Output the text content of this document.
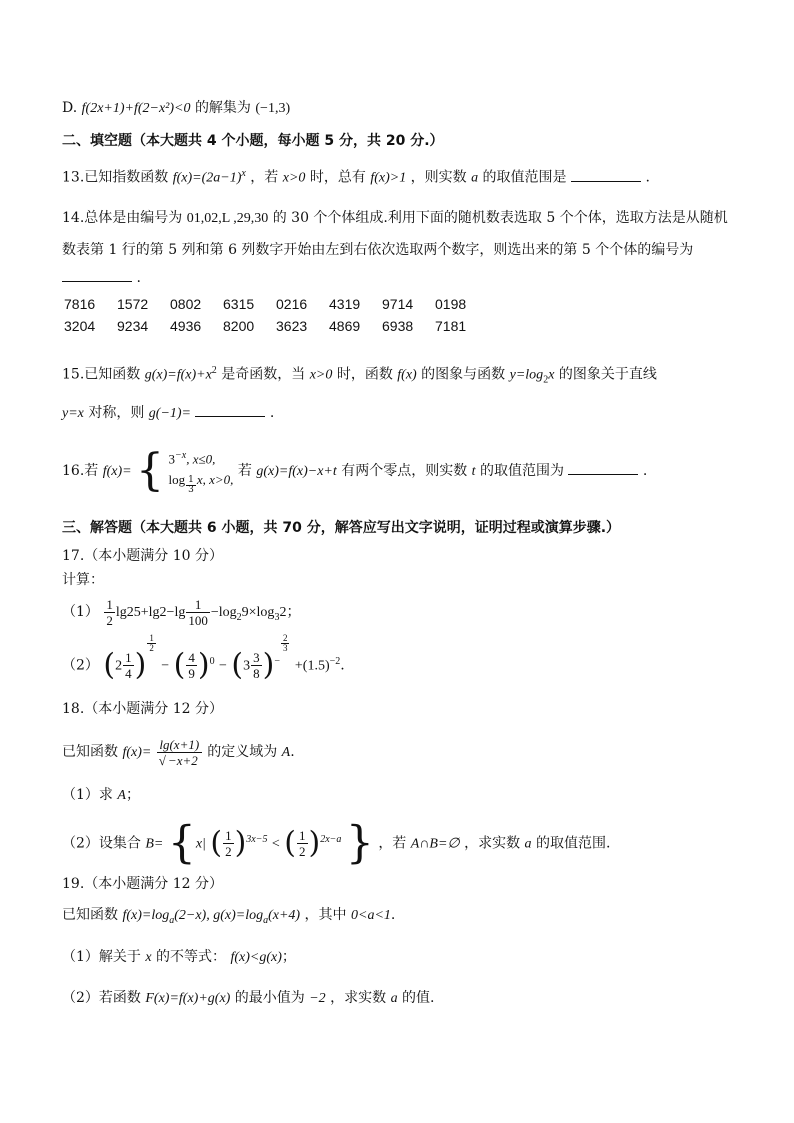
D. f(2x+1)+f(2−x²)<0 的解集为 (−1,3)
二、填空题（本大题共 4 个小题，每小题 5 分，共 20 分.）
13.已知指数函数 $f(x)=(2a-1)^x$ ，若 x>0 时，总有 f(x)>1 ，则实数 a 的取值范围是	.
14.总体是由编号为 01,02,L ,29,30 的 30 个个体组成.利用下面的随机数表选取 5 个个体，选取方法是从随机
数表第 1 行的第 5 列和第 6 列数字开始由左到右依次选取两个数字，则选出来的第 5 个个体的编号为
.
7816 1572 0802 6315 0216 4319 9714 0198
3204 9234 4936 8200 3623 4869 6938 7181
15.已知函数 $g(x)=f(x)+x^2$ 是奇函数，当 x>0 时，函数 f(x) 的图象与函数 $y=\log_2x$ 的图象关于直线
y=x 对称，则 g(−1)=	.
16.若 f(x)= { $3^{-x}$, x≤0,
log $_{\frac{1}{3}}$ x, x>0,
若 g(x)=f(x)−x+t 有两个零点，则实数 t 的取值范围为	.
三、解答题（本大题共 6 小题，共 70 分，解答应写出文字说明，证明过程或演算步骤.）
17.（本小题满分 10 分）
计算：
$(1) \frac{1}{2} \lg 25+\lg 2-\lg \frac{1}{100} -\log_29\times\log_32$；
（2） ($2 \frac{1}{4}$ )
$^{\frac{1}{2}}$
− ( $\frac{4}{9} )^0 - (3 \frac{3}{8} )^{- \frac{2}{3}}$
$+(1.5)^{-2}$.
18.（本小题满分 12 分）
已知函数 $f(x)= \frac{\lg(x+1)}{√ -x+2}$ 的定义域为 A.
（1）求 A；
（2）设集合 B= {x| ( $\frac{1}{2} )^{3x-5}$ < ( $\frac{1}{2} )^{2x-a}$ } ，若 A∩B=∅ ，求实数 a 的取值范围.
19.（本小题满分 12 分）
已知函数 $f(x)=\log_a(2-x)$, $g(x)=\log_a(x+4)$ ，其中 0<a<1.
（1）解关于 x 的不等式： f(x)<g(x)；
（2）若函数 F(x)=f(x)+g(x) 的最小值为 −2 ，求实数 a 的值.
